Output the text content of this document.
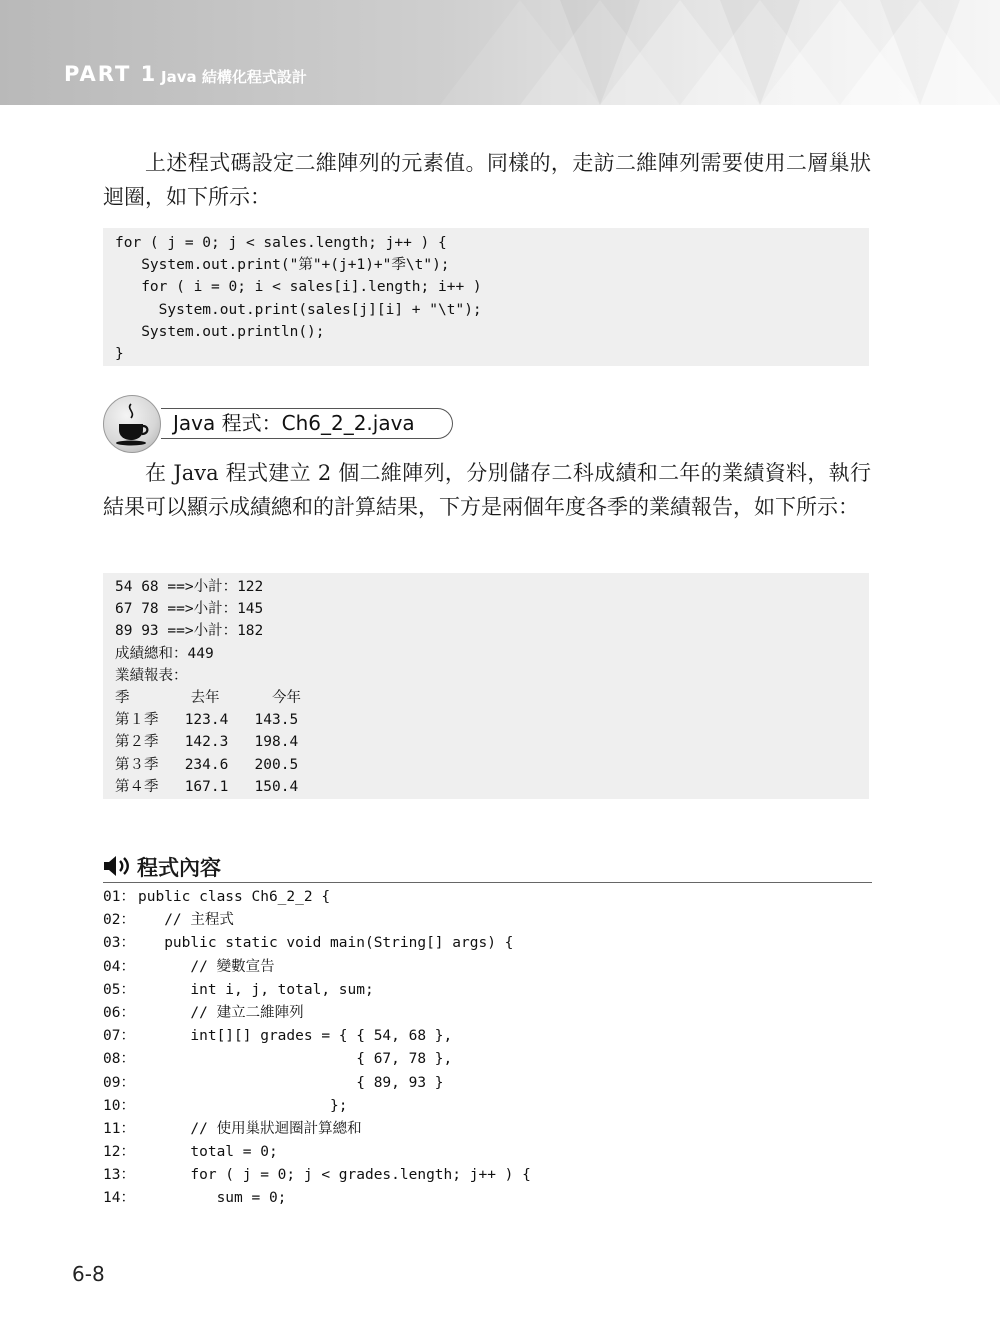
PART 1 Java 結構化程式設計

上述程式碼設定二維陣列的元素值。同樣的，走訪二維陣列需要使用二層巢狀迴圈，如下所示：

for ( j = 0; j < sales.length; j++ ) {
System.out.print("第"+(j+1)+"季\t");
for ( i = 0; i < sales[i].length; i++ )
System.out.print(sales[j][i] + "\t");
System.out.println();
}
Java 程式：Ch6_2_2.java

在 Java 程式建立 2 個二維陣列，分別儲存二科成績和二年的業績資料，執行結果可以顯示成績總和的計算結果，下方是兩個年度各季的業績報告，如下所示：

54 68 ==>小計：122
67 78 ==>小計：145
89 93 ==>小計：182
成績總和：449
業績報表：
季       去年      今年
第１季   123.4   143.5
第２季   142.3   198.4
第３季   234.6   200.5
第４季   167.1   150.4
程式內容
01： public class Ch6_2_2 {
02： // 主程式
03： public static void main(String[] args) {
04： // 變數宣告
05： int i, j, total, sum;
06： // 建立二維陣列
07： int[][] grades = { { 54, 68 },
08： { 67, 78 },
09： { 89, 93 }
10： };
11： // 使用巢狀迴圈計算總和
12： total = 0;
13： for ( j = 0; j < grades.length; j++ ) {
14： sum = 0;
6-8
